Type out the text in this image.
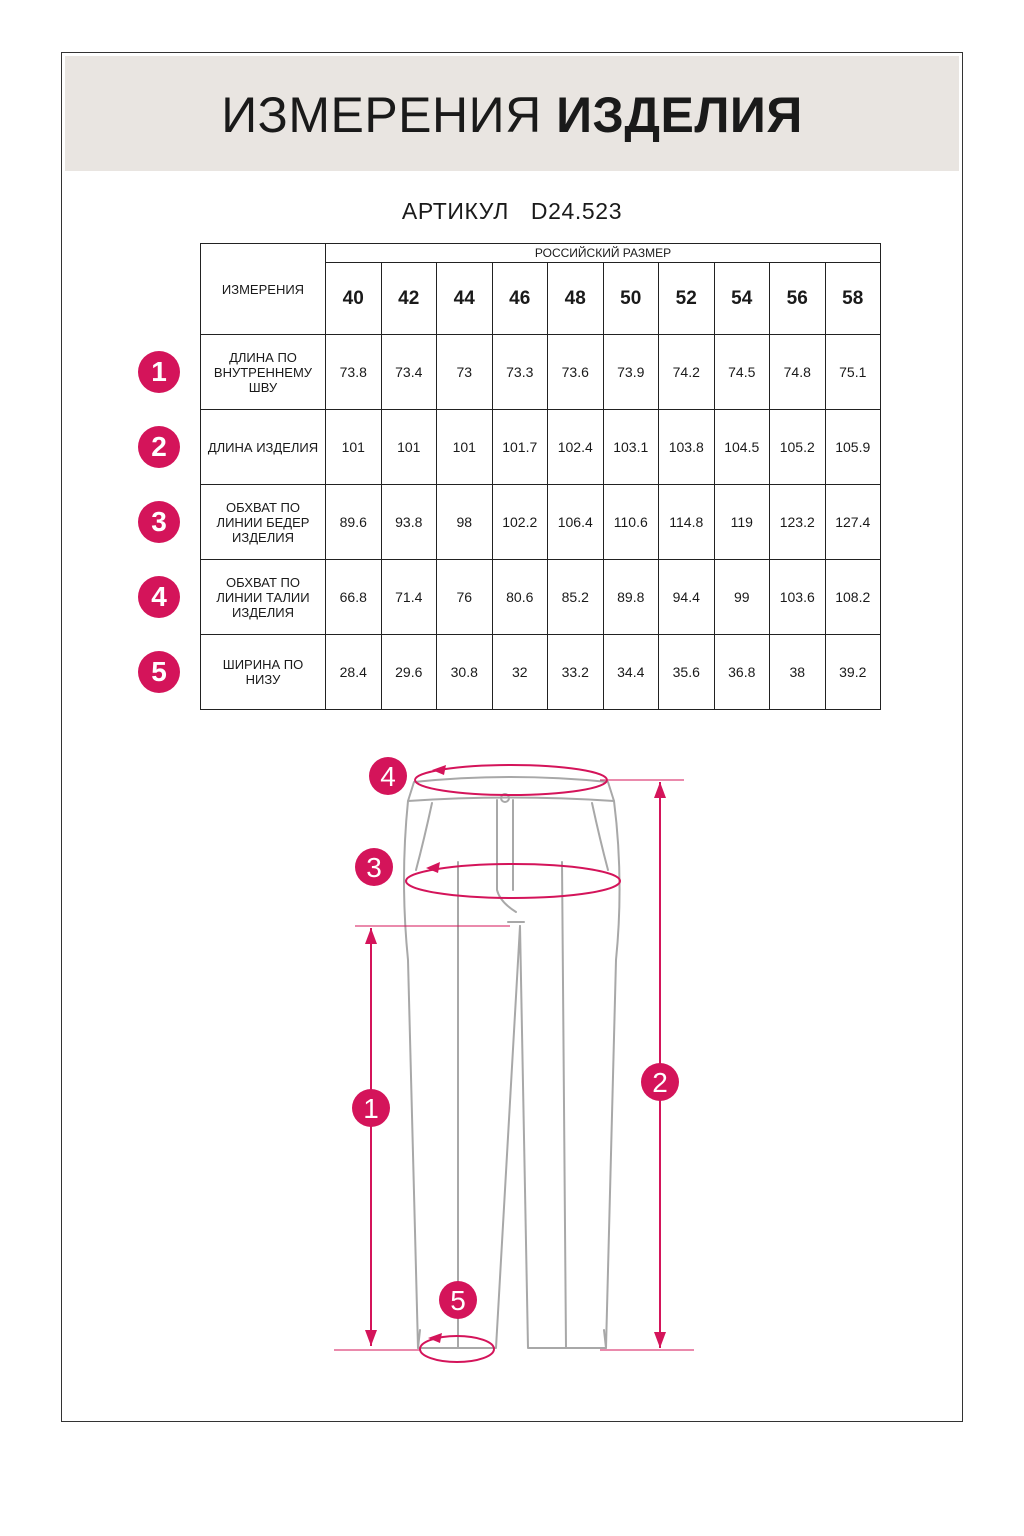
ИЗМЕРЕНИЯ ИЗДЕЛИЯ
АРТИКУЛ D24.523
ИЗМЕРЕНИЯ	РОССИЙСКИЙ РАЗМЕР									
	40	42	44	46	48	50	52	54	56	58
ДЛИНА ПО ВНУТРЕННЕМУ ШВУ	73.8	73.4	73	73.3	73.6	73.9	74.2	74.5	74.8	75.1
ДЛИНА ИЗДЕЛИЯ	101	101	101	101.7	102.4	103.1	103.8	104.5	105.2	105.9
ОБХВАТ ПО ЛИНИИ БЕДЕР ИЗДЕЛИЯ	89.6	93.8	98	102.2	106.4	110.6	114.8	119	123.2	127.4
ОБХВАТ ПО ЛИНИИ ТАЛИИ ИЗДЕЛИЯ	66.8	71.4	76	80.6	85.2	89.8	94.4	99	103.6	108.2
ШИРИНА ПО НИЗУ	28.4	29.6	30.8	32	33.2	34.4	35.6	36.8	38	39.2
1
2
3
4
5
4
3
1
2
5
